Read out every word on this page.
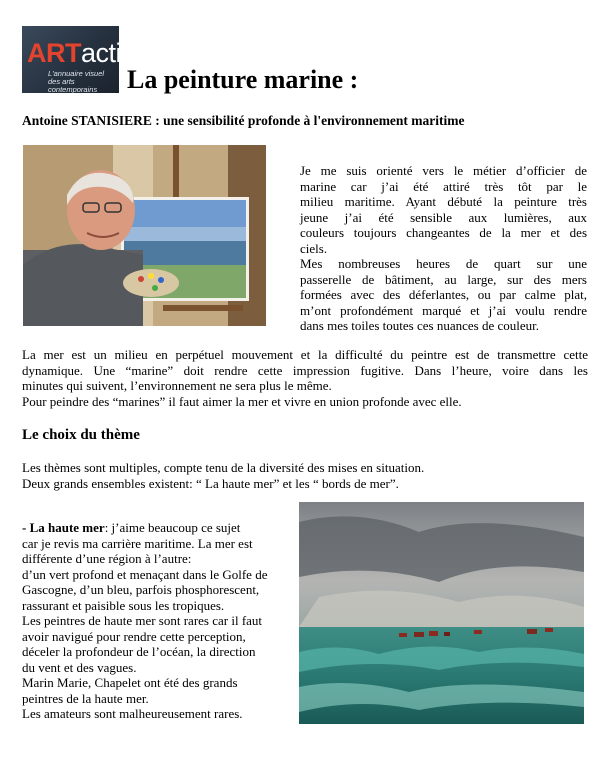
ARTactif
L'annuaire visuel des arts contemporains	La peinture marine :
Antoine STANISIERE : une sensibilité profonde à l'environnement maritime
Je me suis orienté vers le métier d’officier de
marine car j’ai été attiré très tôt par le
milieu maritime. Ayant débuté la peinture très
jeune j’ai été sensible aux lumières, aux
couleurs toujours changeantes de la mer et des
ciels.
Mes nombreuses heures de quart sur une
passerelle de bâtiment, au large, sur des mers
formées avec des déferlantes, ou par calme plat,
m’ont profondément marqué et j’ai voulu rendre
dans mes toiles toutes ces nuances de couleur.
La mer est un milieu en perpétuel mouvement et la difficulté du peintre est de transmettre cette
dynamique. Une “marine” doit rendre cette impression fugitive. Dans l’heure, voire dans les
minutes qui suivent, l’environnement ne sera plus le même.
Pour peindre des “marines” il faut aimer la mer et vivre en union profonde avec elle.
Le choix du thème
Les thèmes sont multiples, compte tenu de la diversité des mises en situation.
Deux grands ensembles existent: “ La haute mer” et les “ bords de mer”.
- La haute mer: j’aime beaucoup ce sujet
car je revis ma carrière maritime. La mer est
différente d’une région à l’autre:
d’un vert profond et menaçant dans le Golfe de
Gascogne, d’un bleu, parfois phosphorescent,
rassurant et paisible sous les tropiques.
Les peintres de haute mer sont rares car il faut
avoir navigué pour rendre cette perception,
déceler la profondeur de l’océan, la direction
du vent et des vagues.
Marin Marie, Chapelet ont été des grands
peintres de la haute mer.
Les amateurs sont malheureusement rares.
